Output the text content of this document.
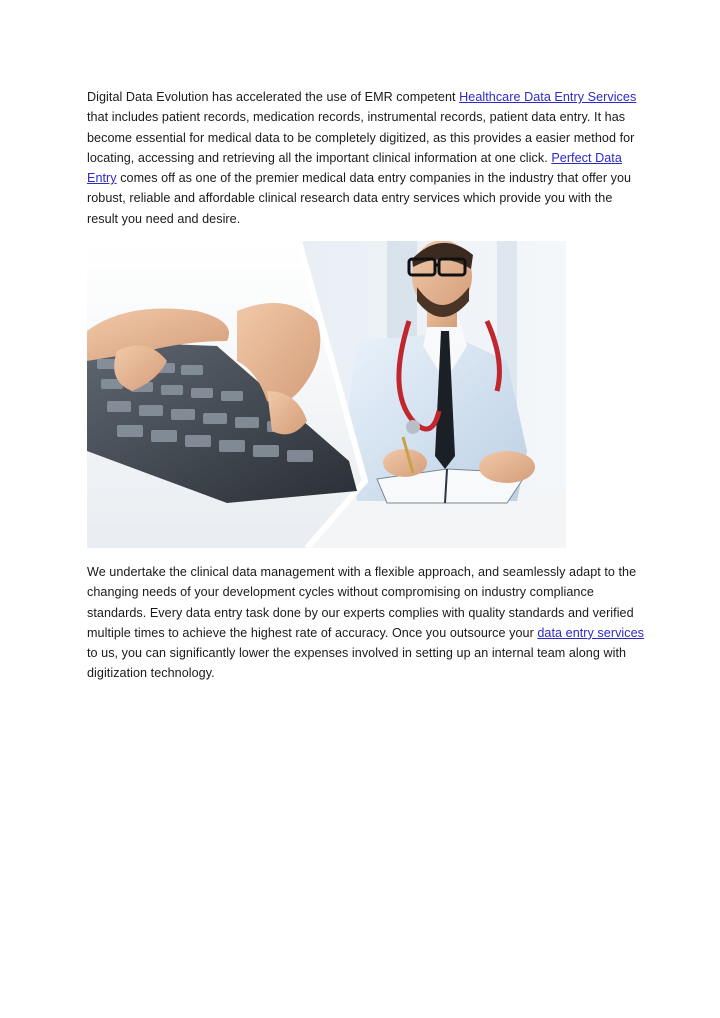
Digital Data Evolution has accelerated the use of EMR competent Healthcare Data Entry Services that includes patient records, medication records, instrumental records, patient data entry. It has become essential for medical data to be completely digitized, as this provides a easier method for locating, accessing and retrieving all the important clinical information at one click. Perfect Data Entry comes off as one of the premier medical data entry companies in the industry that offer you robust, reliable and affordable clinical research data entry services which provide you with the result you need and desire.

We undertake the clinical data management with a flexible approach, and seamlessly adapt to the changing needs of your development cycles without compromising on industry compliance standards. Every data entry task done by our experts complies with quality standards and verified multiple times to achieve the highest rate of accuracy. Once you outsource your data entry services to us, you can significantly lower the expenses involved in setting up an internal team along with digitization technology.
